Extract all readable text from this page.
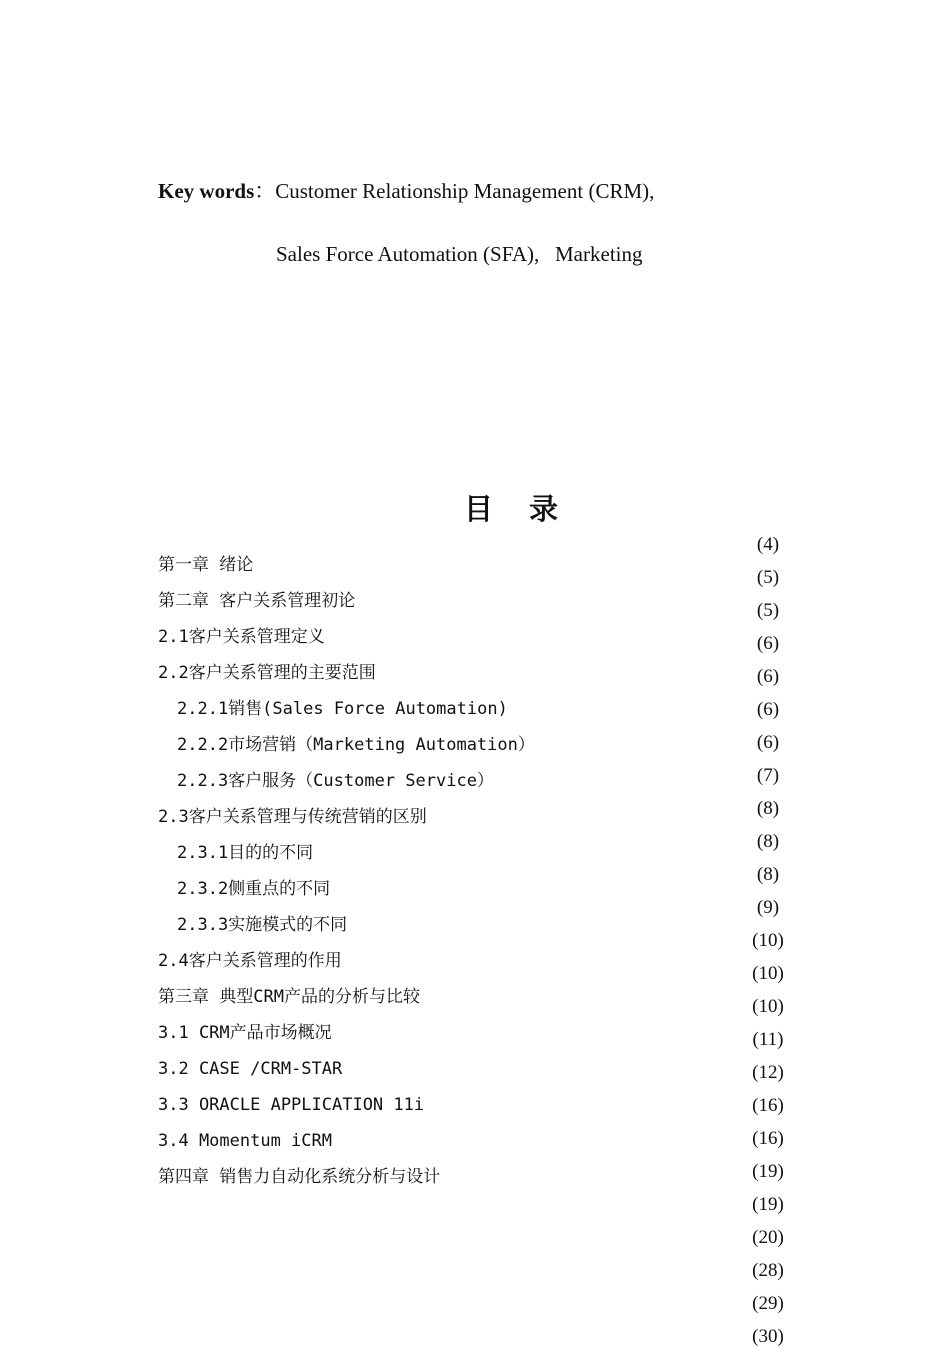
Key words：Customer Relationship Management (CRM),
Sales Force Automation (SFA),   Marketing
目 录
第一章 绪论
第二章 客户关系管理初论
2.1客户关系管理定义
2.2客户关系管理的主要范围
2.2.1销售(Sales Force Automation)
2.2.2市场营销（Marketing Automation）
2.2.3客户服务（Customer Service）
2.3客户关系管理与传统营销的区别
2.3.1目的的不同
2.3.2侧重点的不同
2.3.3实施模式的不同
2.4客户关系管理的作用
第三章 典型CRM产品的分析与比较
3.1 CRM产品市场概况
3.2 CASE /CRM-STAR
3.3 ORACLE APPLICATION 11i
3.4 Momentum iCRM
第四章 销售力自动化系统分析与设计
(4)
(5)
(5)
(6)
(6)
(6)
(6)
(7)
(8)
(8)
(8)
(9)
(10)
(10)
(10)
(11)
(12)
(16)
(16)
(19)
(19)
(20)
(28)
(29)
(30)
